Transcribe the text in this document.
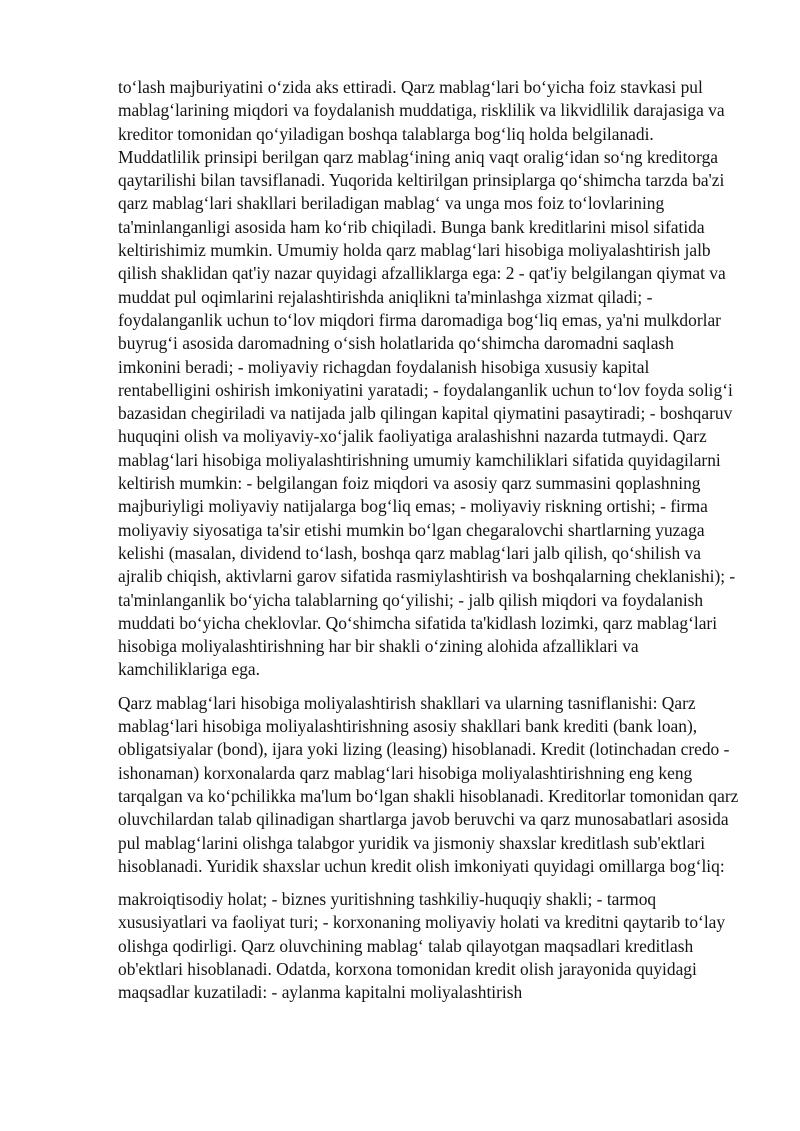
to‘lash majburiyatini o‘zida aks ettiradi. Qarz mablag‘lari bo‘yicha foiz stavkasi pul mablag‘larining miqdori va foydalanish muddatiga, risklilik va likvidlilik darajasiga va kreditor tomonidan qo‘yiladigan boshqa talablarga bog‘liq holda belgilanadi. Muddatlilik prinsipi berilgan qarz mablag‘ining aniq vaqt oralig‘idan so‘ng kreditorga qaytarilishi bilan tavsiflanadi. Yuqorida keltirilgan prinsiplarga qo‘shimcha tarzda ba'zi qarz mablag‘lari shakllari beriladigan mablag‘ va unga mos foiz to‘lovlarining ta'minlanganligi asosida ham ko‘rib chiqiladi. Bunga bank kreditlarini misol sifatida keltirishimiz mumkin. Umumiy holda qarz mablag‘lari hisobiga moliyalashtirish jalb qilish shaklidan qat'iy nazar quyidagi afzalliklarga ega: 2 - qat'iy belgilangan qiymat va muddat pul oqimlarini rejalashtirishda aniqlikni ta'minlashga xizmat qiladi; - foydalanganlik uchun to‘lov miqdori firma daromadiga bog‘liq emas, ya'ni mulkdorlar buyrug‘i asosida daromadning o‘sish holatlarida qo‘shimcha daromadni saqlash imkonini beradi; - moliyaviy richagdan foydalanish hisobiga xususiy kapital rentabelligini oshirish imkoniyatini yaratadi; - foydalanganlik uchun to‘lov foyda solig‘i bazasidan chegiriladi va natijada jalb qilingan kapital qiymatini pasaytiradi; - boshqaruv huquqini olish va moliyaviy-xo‘jalik faoliyatiga aralashishni nazarda tutmaydi. Qarz mablag‘lari hisobiga moliyalashtirishning umumiy kamchiliklari sifatida quyidagilarni keltirish mumkin: - belgilangan foiz miqdori va asosiy qarz summasini qoplashning majburiyligi moliyaviy natijalarga bog‘liq emas; - moliyaviy riskning ortishi; - firma moliyaviy siyosatiga ta'sir etishi mumkin bo‘lgan chegaralovchi shartlarning yuzaga kelishi (masalan, dividend to‘lash, boshqa qarz mablag‘lari jalb qilish, qo‘shilish va ajralib chiqish, aktivlarni garov sifatida rasmiylashtirish va boshqalarning cheklanishi); - ta'minlanganlik bo‘yicha talablarning qo‘yilishi; - jalb qilish miqdori va foydalanish muddati bo‘yicha cheklovlar. Qo‘shimcha sifatida ta'kidlash lozimki, qarz mablag‘lari hisobiga moliyalashtirishning har bir shakli o‘zining alohida afzalliklari va kamchiliklariga ega.

Qarz mablag‘lari hisobiga moliyalashtirish shakllari va ularning tasniflanishi: Qarz mablag‘lari hisobiga moliyalashtirishning asosiy shakllari bank krediti (bank loan), obligatsiyalar (bond), ijara yoki lizing (leasing) hisoblanadi. Kredit (lotinchadan credo - ishonaman) korxonalarda qarz mablag‘lari hisobiga moliyalashtirishning eng keng tarqalgan va ko‘pchilikka ma'lum bo‘lgan shakli hisoblanadi. Kreditorlar tomonidan qarz oluvchilardan talab qilinadigan shartlarga javob beruvchi va qarz munosabatlari asosida pul mablag‘larini olishga talabgor yuridik va jismoniy shaxslar kreditlash sub'ektlari hisoblanadi. Yuridik shaxslar uchun kredit olish imkoniyati quyidagi omillarga bog‘liq:

makroiqtisodiy holat; - biznes yuritishning tashkiliy-huquqiy shakli; - tarmoq xususiyatlari va faoliyat turi; - korxonaning moliyaviy holati va kreditni qaytarib to‘lay olishga qodirligi. Qarz oluvchining mablag‘ talab qilayotgan maqsadlari kreditlash ob'ektlari hisoblanadi. Odatda, korxona tomonidan kredit olish jarayonida quyidagi maqsadlar kuzatiladi: - aylanma kapitalni moliyalashtirish
